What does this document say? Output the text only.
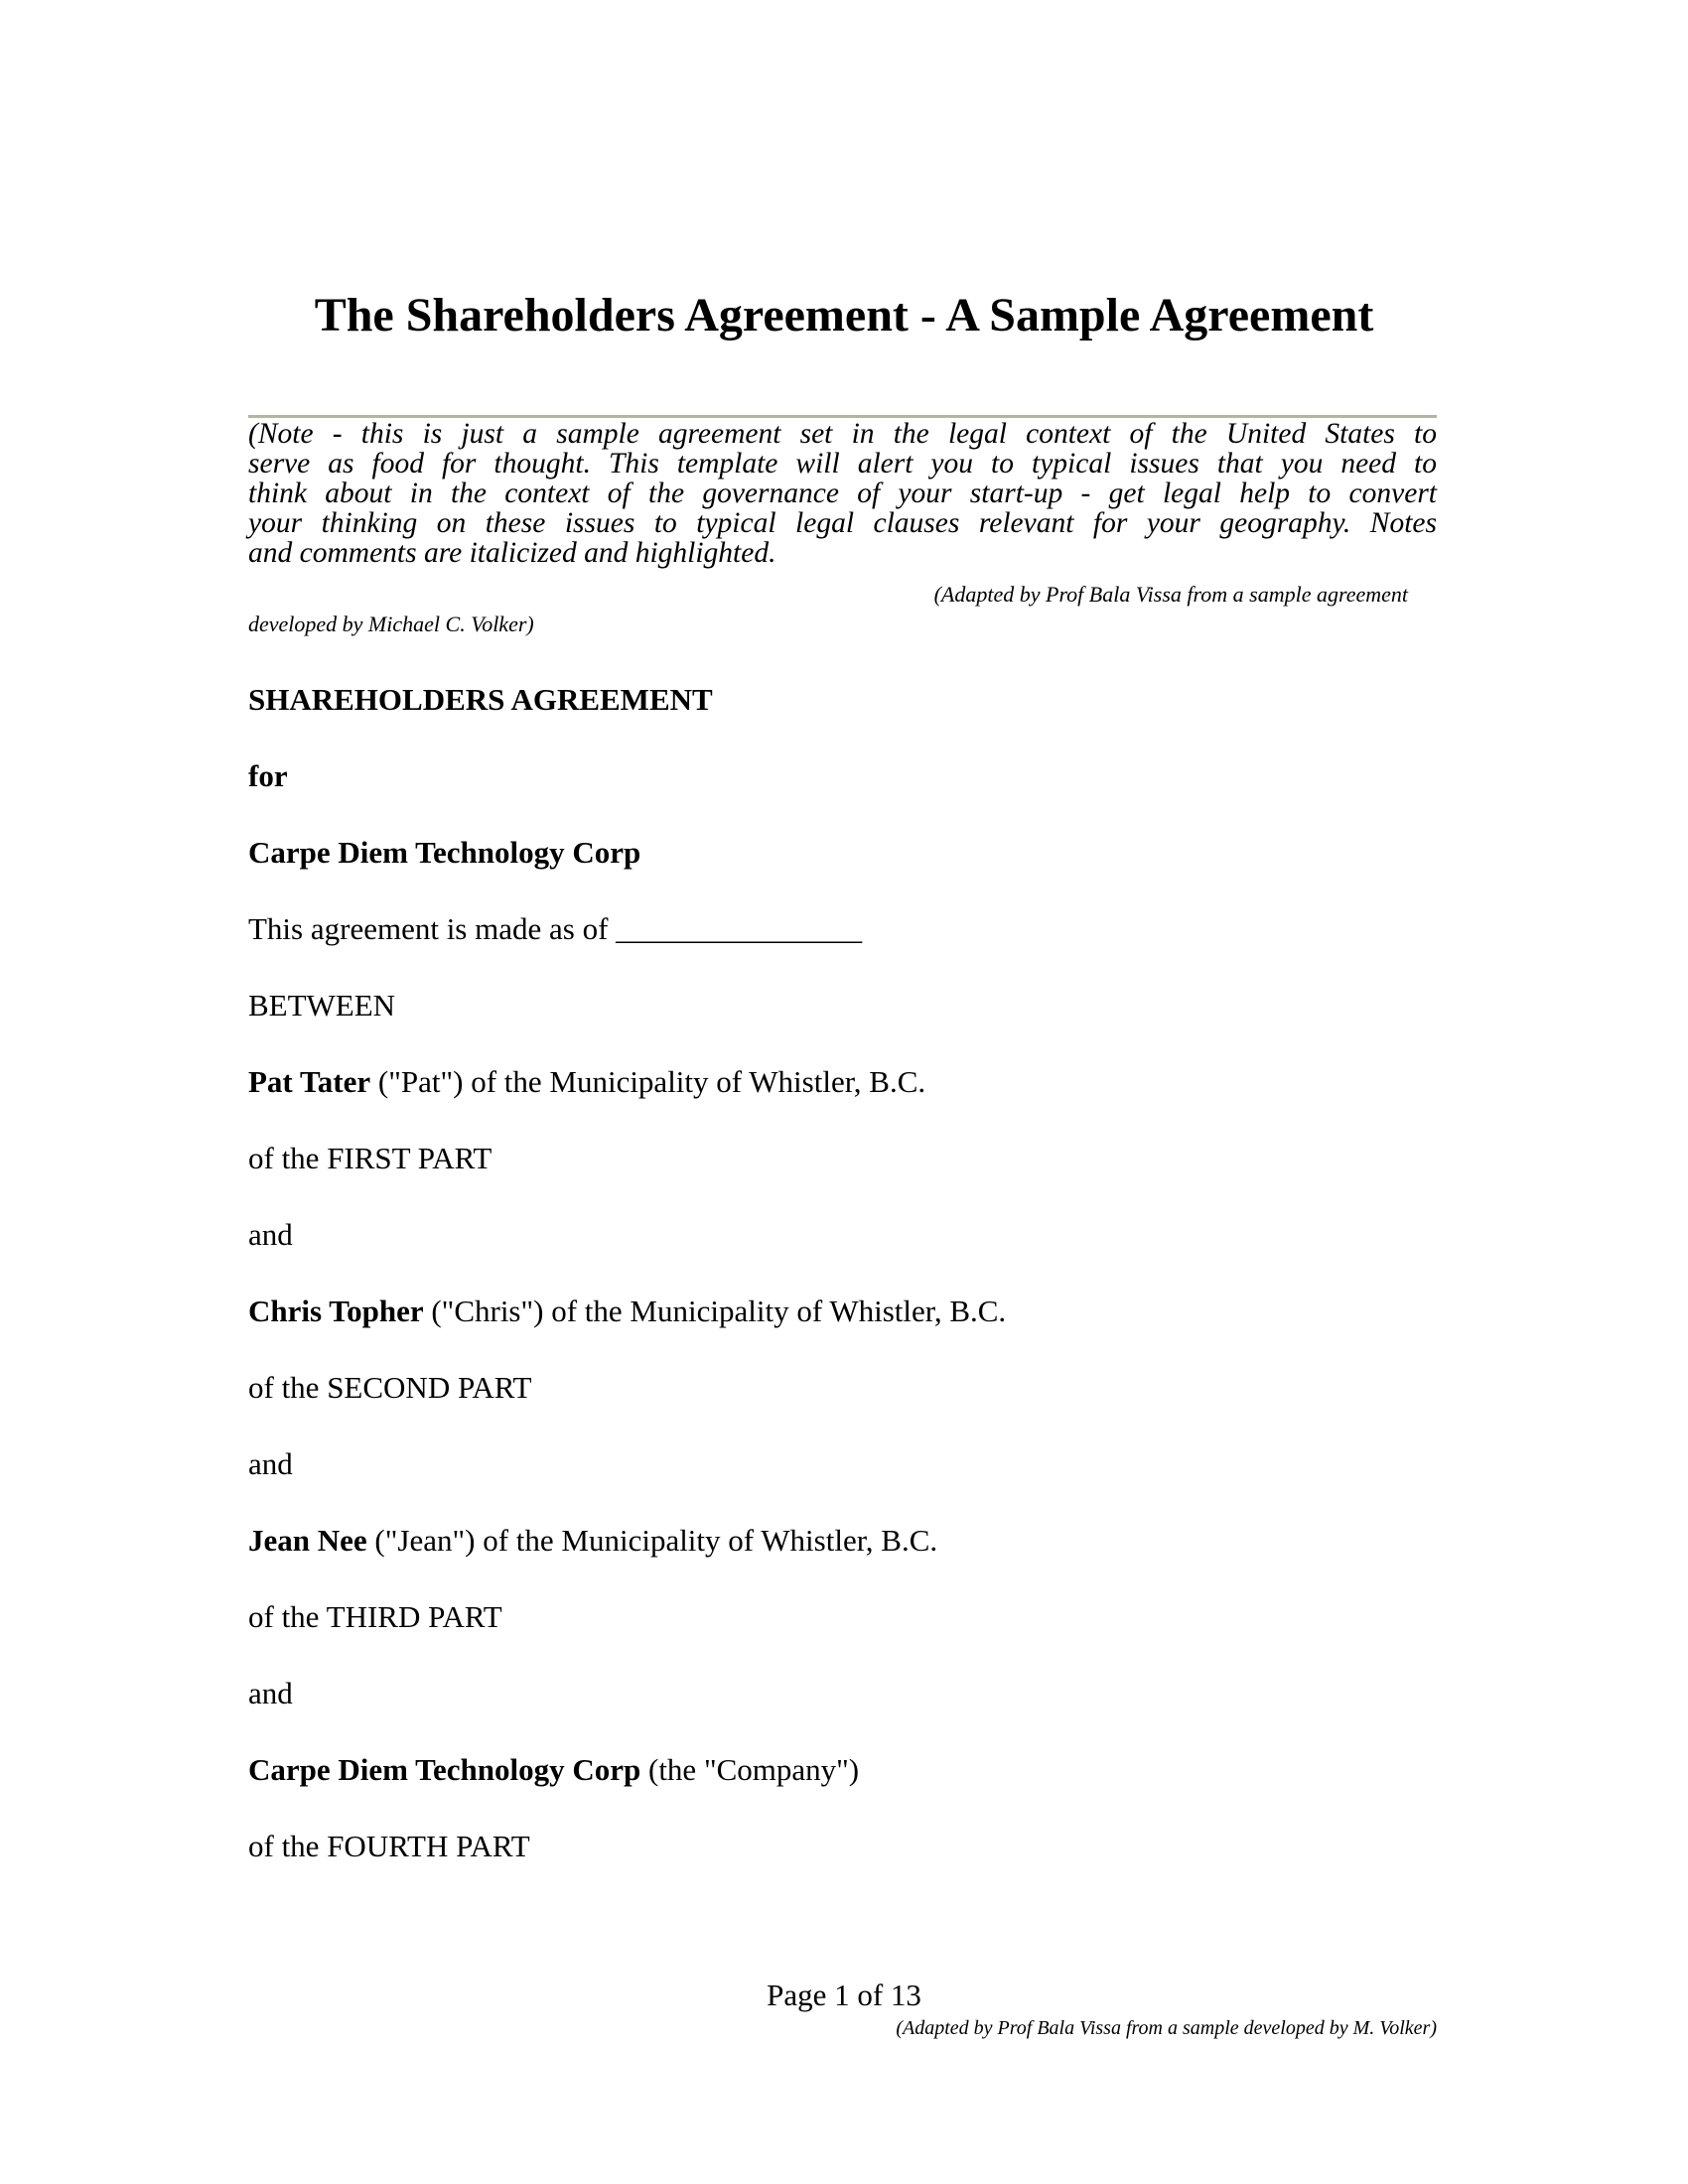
The Shareholders Agreement - A Sample Agreement
(Note - this is just a sample agreement set in the legal context of the United States to
serve as food for thought. This template will alert you to typical issues that you need to
think about in the context of the governance of your start-up - get legal help to convert
your thinking on these issues to typical legal clauses relevant for your geography. Notes
and comments are italicized and highlighted.
(Adapted by Prof Bala Vissa from a sample agreement
developed by Michael C. Volker)
SHAREHOLDERS AGREEMENT
for
Carpe Diem Technology Corp
This agreement is made as of ________________
BETWEEN
Pat Tater ("Pat") of the Municipality of Whistler, B.C.
of the FIRST PART
and
Chris Topher ("Chris") of the Municipality of Whistler, B.C.
of the SECOND PART
and
Jean Nee ("Jean") of the Municipality of Whistler, B.C.
of the THIRD PART
and
Carpe Diem Technology Corp (the "Company")
of the FOURTH PART
Page 1 of 13
(Adapted by Prof Bala Vissa from a sample developed by M. Volker)
